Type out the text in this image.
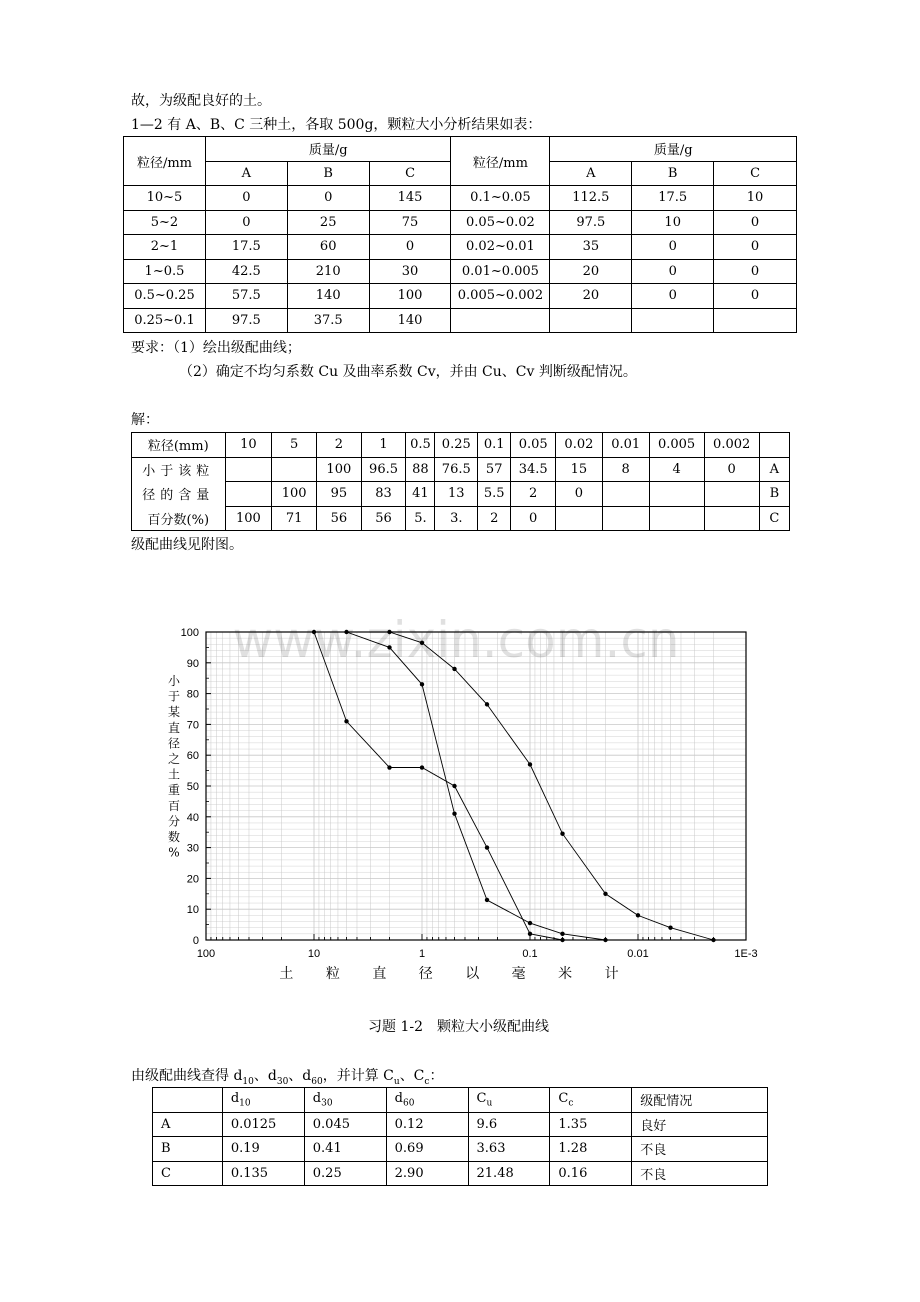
故，为级配良好的土。

1—2 有 A、B、C 三种土，各取 500g，颗粒大小分析结果如表：

粒径/mm	质量/g			粒径/mm	质量/g		
	A	B	C		A	B	C
10~5	0	0	145	0.1~0.05	112.5	17.5	10
5~2	0	25	75	0.05~0.02	97.5	10	0
2~1	17.5	60	0	0.02~0.01	35	0	0
1~0.5	42.5	210	30	0.01~0.005	20	0	0
0.5~0.25	57.5	140	100	0.005~0.002	20	0	0
0.25~0.1	97.5	37.5	140				

要求：（1）绘出级配曲线；

（2）确定不均匀系数 Cu 及曲率系数 Cv，并由 Cu、Cv 判断级配情况。

解：

粒径(mm)	10	5	2	1	0.5	0.25	0.1	0.05	0.02	0.01	0.005	0.002	
小于该粒			100	96.5	88	76.5	57	34.5	15	8	4	0	A
径的含量		100	95	83	41	13	5.5	2	0				B
百分数(%)	100	71	56	56	5.	3.	2	0					C

级配曲线见附图。

0
10
20
30
40
50
60
70
80
90
100
100	10	1	0.1	0.01	1E-3
小
于
某
直
径
之
土
重
百
分
数
%
土 粒 直 径 以 毫 米 计
www.zixin.com.cn

习题 1-2　颗粒大小级配曲线

由级配曲线查得 $d_{10}$、$d_{30}$、$d_{60}$，并计算 $C_u$、$C_c$：

	$d_{10}$	$d_{30}$	$d_{60}$	$C_u$	$C_c$	级配情况
A	0.0125	0.045	0.12	9.6	1.35	良好
B	0.19	0.41	0.69	3.63	1.28	不良
C	0.135	0.25	2.90	21.48	0.16	不良
